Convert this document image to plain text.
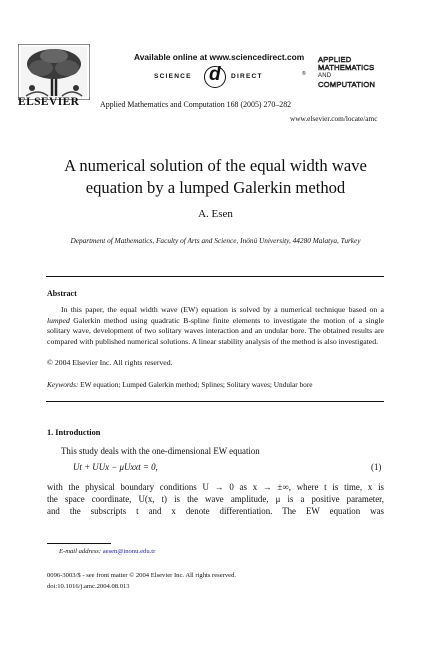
ELSEVIER
Available online at www.sciencedirect.com
SCIENCE d DIRECT	®
APPLIED
MATHEMATICS
AND
COMPUTATION
Applied Mathematics and Computation 168 (2005) 270–282
www.elsevier.com/locate/amc
A numerical solution of the equal width wave
equation by a lumped Galerkin method
A. Esen
Department of Mathematics, Faculty of Arts and Science, Inönü University, 44280 Malatya, Turkey
Abstract

In this paper, the equal width wave (EW) equation is solved by a numerical technique based on a lumped Galerkin method using quadratic B-spline finite elements to investigate the motion of a single solitary wave, development of two solitary waves interaction and an undular bore. The obtained results are compared with published numerical solutions. A linear stability analysis of the method is also investigated.

© 2004 Elsevier Inc. All rights reserved.
Keywords: EW equation; Lumped Galerkin method; Splines; Solitary waves; Undular bore
1. Introduction
This study deals with the one-dimensional EW equation
Ut + UUx − μUxxt = 0,	(1)
with the physical boundary conditions U → 0 as x → ±∞, where t is time, x is
the space coordinate, U(x, t) is the wave amplitude, μ is a positive parameter,
and the subscripts t and x denote differentiation. The EW equation was
E-mail address: aesen@inonu.edu.tr
0096-3003/$ - see front matter © 2004 Elsevier Inc. All rights reserved.
doi:10.1016/j.amc.2004.08.013
